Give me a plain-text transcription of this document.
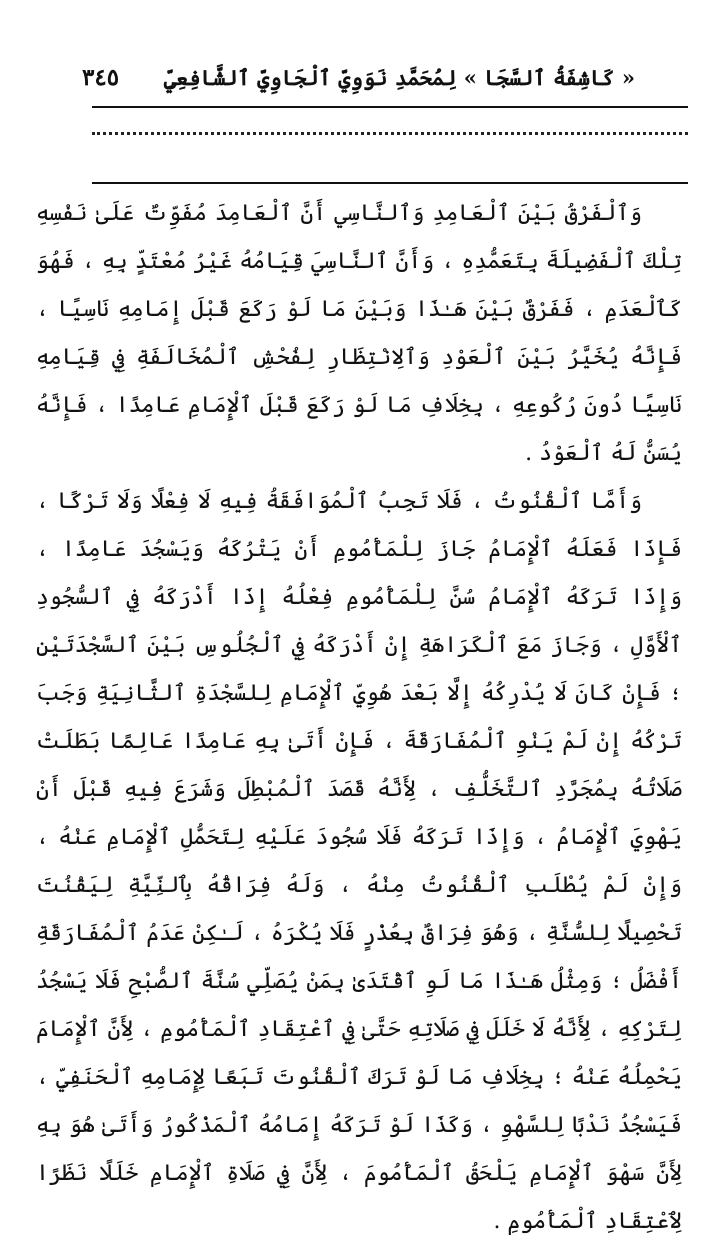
« كَاشِفَةُ ٱلسَّجَا » لِمُحَمَّدِ نَوَوِيِّ ٱلْجَاوِيِّ ٱلشَّافِعِيِّ
٣٤٥

وَٱلْفَرْقُ بَيْنَ ٱلْعَامِدِ وَٱلنَّاسِي أَنَّ ٱلْعَامِدَ مُفَوِّتٌ عَلَىٰ نَفْسِهِ تِلْكَ ٱلْفَضِيلَةَ بِتَعَمُّدِهِ ، وَأَنَّ ٱلنَّاسِيَ قِيَامُهُ غَيْرُ مُعْتَدٍّ بِهِ ، فَهُوَ كَٱلْعَدَمِ ، فَفَرْقٌ بَيْنَ هَـٰذَا وَبَيْنَ مَا لَوْ رَكَعَ قَبْلَ إِمَامِهِ نَاسِيًا ، فَإِنَّهُ يُخَيَّرُ بَيْنَ ٱلْعَوْدِ وَٱلِانْتِظَارِ لِفُحْشِ ٱلْمُخَالَفَةِ فِي قِيَامِهِ نَاسِيًا دُونَ رُكُوعِهِ ، بِخِلَافِ مَا لَوْ رَكَعَ قَبْلَ ٱلْإِمَامِ عَامِدًا ، فَإِنَّهُ يُسَنُّ لَهُ ٱلْعَوْدُ .

وَأَمَّا ٱلْقُنُوتُ ، فَلَا تَجِبُ ٱلْمُوَافَقَةُ فِيهِ لَا فِعْلًا وَلَا تَرْكًا ، فَإِذَا فَعَلَهُ ٱلْإِمَامُ جَازَ لِلْمَأْمُومِ أَنْ يَتْرُكَهُ وَيَسْجُدَ عَامِدًا ، وَإِذَا تَرَكَهُ ٱلْإِمَامُ سُنَّ لِلْمَأْمُومِ فِعْلُهُ إِذَا أَدْرَكَهُ فِي ٱلسُّجُودِ ٱلْأَوَّلِ ، وَجَازَ مَعَ ٱلْكَرَاهَةِ إِنْ أَدْرَكَهُ فِي ٱلْجُلُوسِ بَيْنَ ٱلسَّجْدَتَيْنِ ؛ فَإِنْ كَانَ لَا يُدْرِكُهُ إِلَّا بَعْدَ هُوِيِّ ٱلْإِمَامِ لِلسَّجْدَةِ ٱلثَّانِيَةِ وَجَبَ تَرْكُهُ إِنْ لَمْ يَنْوِ ٱلْمُفَارَقَةَ ، فَإِنْ أَتَىٰ بِهِ عَامِدًا عَالِمًا بَطَلَتْ صَلَاتُهُ بِمُجَرَّدِ ٱلتَّخَلُّفِ ، لِأَنَّهُ قَصَدَ ٱلْمُبْطِلَ وَشَرَعَ فِيهِ قَبْلَ أَنْ يَهْوِيَ ٱلْإِمَامُ ، وَإِذَا تَرَكَهُ فَلَا سُجُودَ عَلَيْهِ لِتَحَمُّلِ ٱلْإِمَامِ عَنْهُ ، وَإِنْ لَمْ يُطْلَبِ ٱلْقُنُوتُ مِنْهُ ، وَلَهُ فِرَاقُهُ بِٱلنِّيَّةِ لِيَقْنُتَ تَحْصِيلًا لِلسُّنَّةِ ، وَهُوَ فِرَاقٌ بِعُذْرٍ فَلَا يُكْرَهُ ، لَـٰكِنْ عَدَمُ ٱلْمُفَارَقَةِ أَفْضَلُ ؛ وَمِثْلُ هَـٰذَا مَا لَوِ ٱقْتَدَىٰ بِمَنْ يُصَلِّي سُنَّةَ ٱلصُّبْحِ فَلَا يَسْجُدُ لِتَرْكِهِ ، لِأَنَّهُ لَا خَلَلَ فِي صَلَاتِهِ حَتَّىٰ فِي ٱعْتِقَادِ ٱلْمَأْمُومِ ، لِأَنَّ ٱلْإِمَامَ يَحْمِلُهُ عَنْهُ ؛ بِخِلَافِ مَا لَوْ تَرَكَ ٱلْقُنُوتَ تَبَعًا لِإِمَامِهِ ٱلْحَنَفِيِّ ، فَيَسْجُدُ نَدْبًا لِلسَّهْوِ ، وَكَذَا لَوْ تَرَكَهُ إِمَامُهُ ٱلْمَذْكُورُ وَأَتَىٰ هُوَ بِهِ لِأَنَّ سَهْوَ ٱلْإِمَامِ يَلْحَقُ ٱلْمَأْمُومَ ، لِأَنَّ فِي صَلَاةِ ٱلْإِمَامِ خَلَلًا نَظَرًا لِٱعْتِقَادِ ٱلْمَأْمُومِ .
